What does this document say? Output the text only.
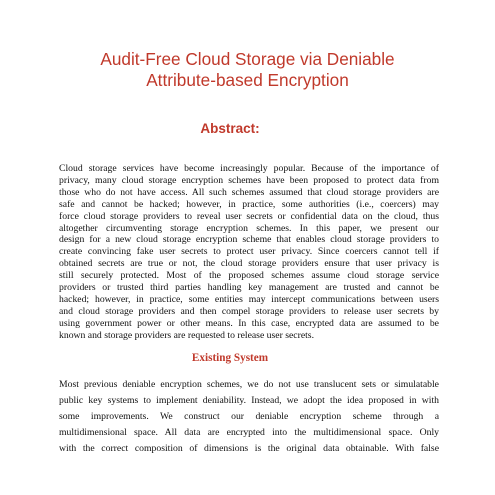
Audit-Free Cloud Storage via Deniable
Attribute-based Encryption
Abstract:
Cloud storage services have become increasingly popular. Because of the importance of
privacy, many cloud storage encryption schemes have been proposed to protect data from
those who do not have access. All such schemes assumed that cloud storage providers are
safe and cannot be hacked; however, in practice, some authorities (i.e., coercers) may
force cloud storage providers to reveal user secrets or confidential data on the cloud, thus
altogether circumventing storage encryption schemes. In this paper, we present our
design for a new cloud storage encryption scheme that enables cloud storage providers to
create convincing fake user secrets to protect user privacy. Since coercers cannot tell if
obtained secrets are true or not, the cloud storage providers ensure that user privacy is
still securely protected. Most of the proposed schemes assume cloud storage service
providers or trusted third parties handling key management are trusted and cannot be
hacked; however, in practice, some entities may intercept communications between users
and cloud storage providers and then compel storage providers to release user secrets by
using government power or other means. In this case, encrypted data are assumed to be
known and storage providers are requested to release user secrets.
Existing System
Most previous deniable encryption schemes, we do not use translucent sets or simulatable
public key systems to implement deniability. Instead, we adopt the idea proposed in with
some improvements. We construct our deniable encryption scheme through a
multidimensional space. All data are encrypted into the multidimensional space. Only
with the correct composition of dimensions is the original data obtainable. With false
